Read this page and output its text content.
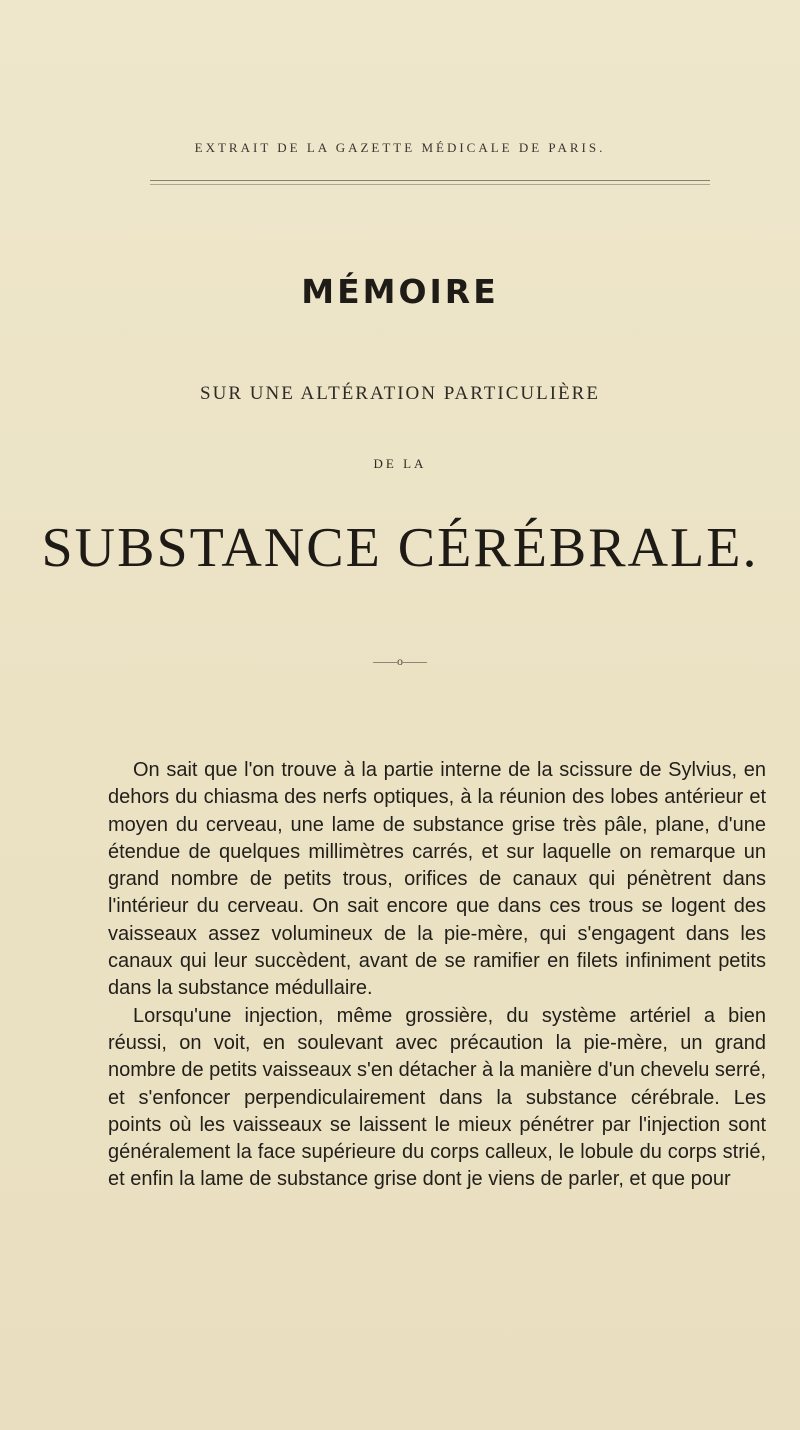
EXTRAIT DE LA GAZETTE MÉDICALE DE PARIS.
MÉMOIRE
SUR UNE ALTÉRATION PARTICULIÈRE
DE LA
SUBSTANCE CÉRÉBRALE.
——o——

On sait que l'on trouve à la partie interne de la scissure de Sylvius, en dehors du chiasma des nerfs optiques, à la réunion des lobes antérieur et moyen du cerveau, une lame de substance grise très pâle, plane, d'une étendue de quelques millimètres carrés, et sur laquelle on remarque un grand nombre de petits trous, orifices de canaux qui pénètrent dans l'intérieur du cerveau. On sait encore que dans ces trous se logent des vaisseaux assez volumineux de la pie-mère, qui s'engagent dans les canaux qui leur succèdent, avant de se ramifier en filets infiniment petits dans la substance médullaire.

Lorsqu'une injection, même grossière, du système artériel a bien réussi, on voit, en soulevant avec précaution la pie-mère, un grand nombre de petits vaisseaux s'en détacher à la manière d'un chevelu serré, et s'enfoncer perpendiculairement dans la substance cérébrale. Les points où les vaisseaux se laissent le mieux pénétrer par l'injection sont généralement la face supérieure du corps calleux, le lobule du corps strié, et enfin la lame de substance grise dont je viens de parler, et que pour
